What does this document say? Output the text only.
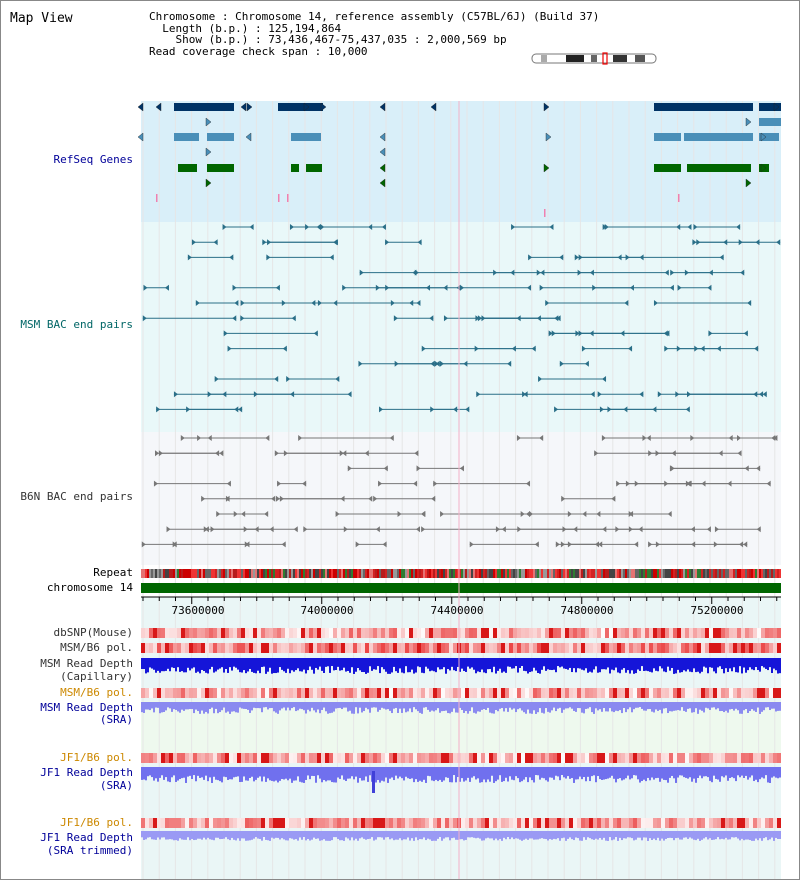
Map View	Chromosome : Chromosome 14, reference assembly (C57BL/6J) (Build 37)
Length (b.p.) : 125,194,864
Show (b.p.) : 73,436,467-75,437,035 : 2,000,569 bp
Read coverage check span : 10,000
RefSeq Genes
MSM BAC end pairs
B6N BAC end pairs
Repeat
chromosome 14
dbSNP(Mouse)
MSM/B6 pol.
MSM Read Depth
(Capillary)
MSM/B6 pol.
MSM Read Depth
(SRA)
JF1/B6 pol.
JF1 Read Depth
(SRA)
JF1/B6 pol.
JF1 Read Depth
(SRA trimmed)
73600000	74000000	74400000	74800000	75200000
